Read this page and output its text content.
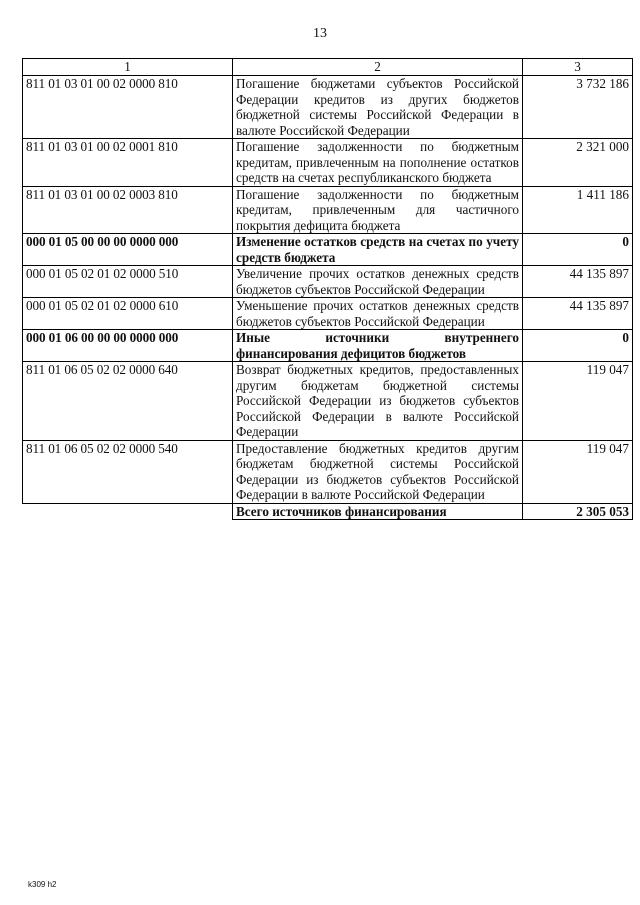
13
1	2	3
811 01 03 01 00 02 0000 810	Погашение бюджетами субъектов Российской Федерации кредитов из других бюджетов бюджетной системы Российской Федерации в валюте Российской Федерации	3 732 186
811 01 03 01 00 02 0001 810	Погашение задолженности по бюджетным кредитам, привлеченным на пополнение остатков средств на счетах республиканского бюджета	2 321 000
811 01 03 01 00 02 0003 810	Погашение задолженности по бюджетным кредитам, привлеченным для частичного покрытия дефицита бюджета	1 411 186
000 01 05 00 00 00 0000 000	Изменение остатков средств на счетах по учету средств бюджета	0
000 01 05 02 01 02 0000 510	Увеличение прочих остатков денежных средств бюджетов субъектов Российской Федерации	44 135 897
000 01 05 02 01 02 0000 610	Уменьшение прочих остатков денежных средств бюджетов субъектов Российской Федерации	44 135 897
000 01 06 00 00 00 0000 000	Иные источники внутреннего финансирования дефицитов бюджетов	0
811 01 06 05 02 02 0000 640	Возврат бюджетных кредитов, предоставленных другим бюджетам бюджетной системы Российской Федерации из бюджетов субъектов Российской Федерации в валюте Российской Федерации	119 047
811 01 06 05 02 02 0000 540	Предоставление бюджетных кредитов другим бюджетам бюджетной системы Российской Федерации из бюджетов субъектов Российской Федерации в валюте Российской Федерации	119 047
	Всего источников финансирования	2 305 053
k309 h2
